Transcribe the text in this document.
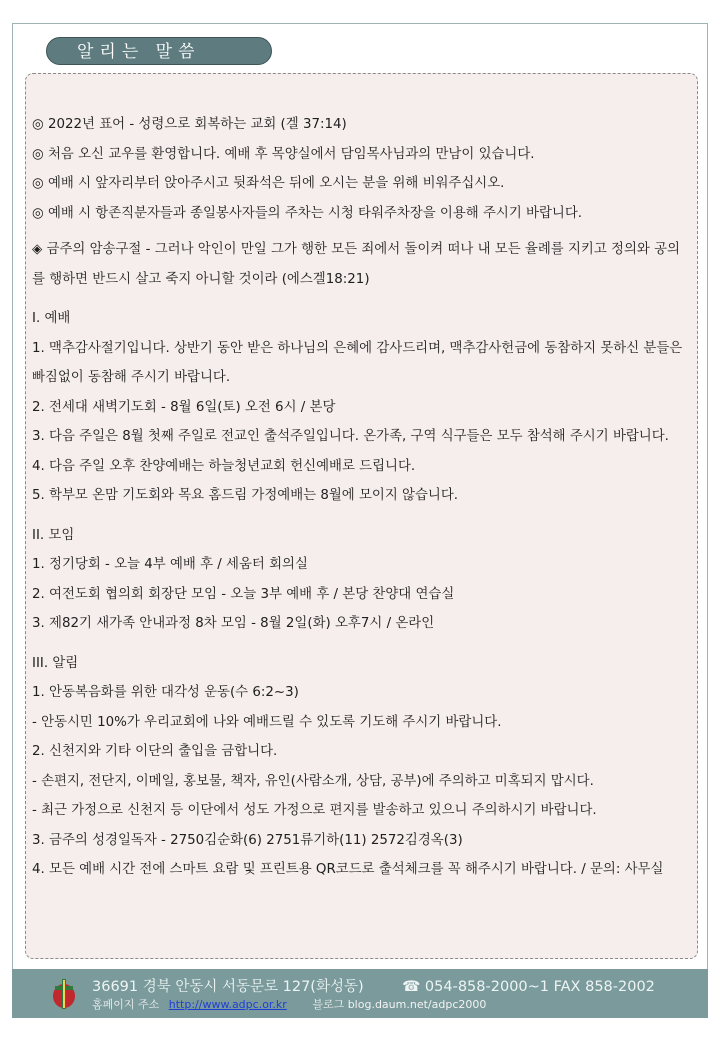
알리는 말씀
◎ 2022년 표어 - 성령으로 회복하는 교회 (겔 37:14)
◎ 처음 오신 교우를 환영합니다. 예배 후 목양실에서 담임목사님과의 만남이 있습니다.
◎ 예배 시 앞자리부터 앉아주시고 뒷좌석은 뒤에 오시는 분을 위해 비워주십시오.
◎ 예배 시 항존직분자들과 종일봉사자들의 주차는 시청 타워주차장을 이용해 주시기 바랍니다.
◈ 금주의 암송구절 - 그러나 악인이 만일 그가 행한 모든 죄에서 돌이켜 떠나 내 모든 율례를 지키고 정의와 공의를 행하면 반드시 살고 죽지 아니할 것이라 (에스겔18:21)
I. 예배
1. 맥추감사절기입니다. 상반기 동안 받은 하나님의 은혜에 감사드리며, 맥추감사헌금에 동참하지 못하신 분들은 빠짐없이 동참해 주시기 바랍니다.
2. 전세대 새벽기도회 - 8월 6일(토) 오전 6시 / 본당
3. 다음 주일은 8월 첫째 주일로 전교인 출석주일입니다. 온가족, 구역 식구들은 모두 참석해 주시기 바랍니다.
4. 다음 주일 오후 찬양예배는 하늘청년교회 헌신예배로 드립니다.
5. 학부모 온맘 기도회와 목요 홈드림 가정예배는 8월에 모이지 않습니다.
II. 모임
1. 정기당회 - 오늘 4부 예배 후 / 세움터 회의실
2. 여전도회 협의회 회장단 모임 - 오늘 3부 예배 후 / 본당 찬양대 연습실
3. 제82기 새가족 안내과정 8차 모임 - 8월 2일(화) 오후7시 / 온라인
III. 알림
1. 안동복음화를 위한 대각성 운동(수 6:2~3)
- 안동시민 10%가 우리교회에 나와 예배드릴 수 있도록 기도해 주시기 바랍니다.
2. 신천지와 기타 이단의 출입을 금합니다.
- 손편지, 전단지, 이메일, 홍보물, 책자, 유인(사람소개, 상담, 공부)에 주의하고 미혹되지 맙시다.
- 최근 가정으로 신천지 등 이단에서 성도 가정으로 편지를 발송하고 있으니 주의하시기 바랍니다.
3. 금주의 성경일독자 - 2750김순화(6) 2751류기하(11) 2572김경옥(3)
4. 모든 예배 시간 전에 스마트 요람 및 프린트용 QR코드로 출석체크를 꼭 해주시기 바랍니다. / 문의: 사무실
36691 경북 안동시 서동문로 127(화성동)	☎ 054-858-2000~1 FAX 858-2002
홈페이지 주소 http://www.adpc.or.kr 블로그 blog.daum.net/adpc2000
